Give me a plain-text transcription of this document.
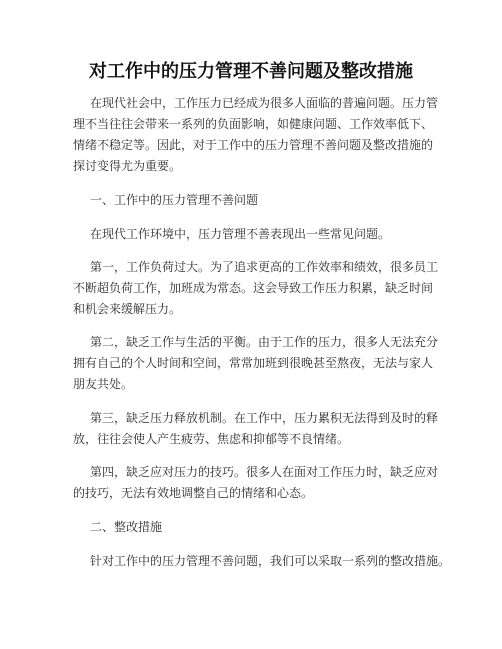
对工作中的压力管理不善问题及整改措施
在现代社会中，工作压力已经成为很多人面临的普遍问题。压力管
理不当往往会带来一系列的负面影响，如健康问题、工作效率低下、
情绪不稳定等。因此，对于工作中的压力管理不善问题及整改措施的
探讨变得尤为重要。
一、工作中的压力管理不善问题
在现代工作环境中，压力管理不善表现出一些常见问题。
第一，工作负荷过大。为了追求更高的工作效率和绩效，很多员工
不断超负荷工作，加班成为常态。这会导致工作压力积累，缺乏时间
和机会来缓解压力。
第二，缺乏工作与生活的平衡。由于工作的压力，很多人无法充分
拥有自己的个人时间和空间，常常加班到很晚甚至熬夜，无法与家人
朋友共处。
第三，缺乏压力释放机制。在工作中，压力累积无法得到及时的释
放，往往会使人产生疲劳、焦虑和抑郁等不良情绪。
第四，缺乏应对压力的技巧。很多人在面对工作压力时，缺乏应对
的技巧，无法有效地调整自己的情绪和心态。
二、整改措施
针对工作中的压力管理不善问题，我们可以采取一系列的整改措施。
